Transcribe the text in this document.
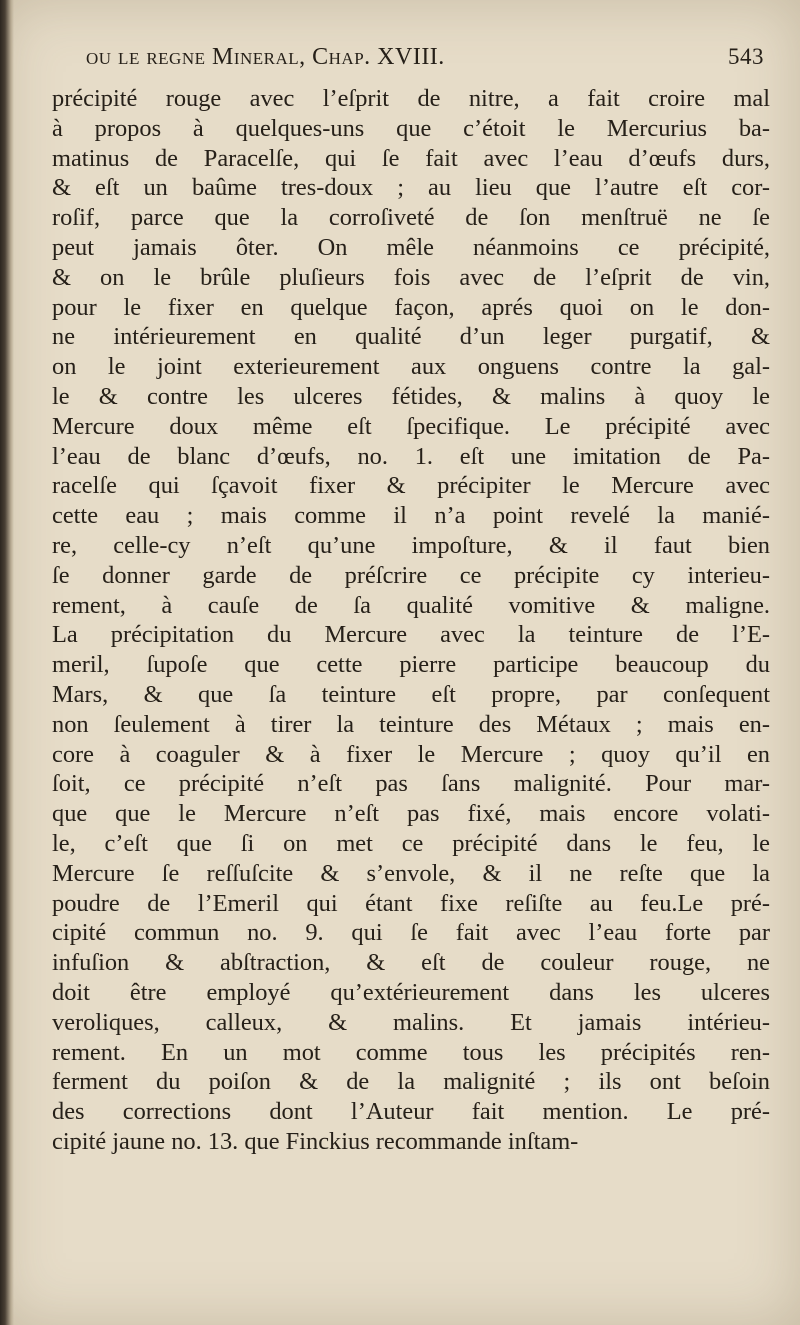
ou le regne Mineral, Chap. XVIII.	543
précipité rouge avec l’eſprit de nitre, a fait croire mal
à propos à quelques-uns que c’étoit le Mercurius ba-
matinus de Paracelſe, qui ſe fait avec l’eau d’œufs durs,
& eſt un baûme tres-doux ; au lieu que l’autre eſt cor-
roſif, parce que la corroſiveté de ſon menſtruë ne ſe
peut jamais ôter. On mêle néanmoins ce précipité,
& on le brûle pluſieurs fois avec de l’eſprit de vin,
pour le fixer en quelque façon, aprés quoi on le don-
ne intérieurement en qualité d’un leger purgatif, &
on le joint exterieurement aux onguens contre la gal-
le & contre les ulceres fétides, & malins à quoy le
Mercure doux même eſt ſpecifique. Le précipité avec
l’eau de blanc d’œufs, no. 1. eſt une imitation de Pa-
racelſe qui ſçavoit fixer & précipiter le Mercure avec
cette eau ; mais comme il n’a point revelé la manié-
re, celle-cy n’eſt qu’une impoſture, & il faut bien
ſe donner garde de préſcrire ce précipite cy interieu-
rement, à cauſe de ſa qualité vomitive & maligne.
La précipitation du Mercure avec la teinture de l’E-
meril, ſupoſe que cette pierre participe beaucoup du
Mars, & que ſa teinture eſt propre, par conſequent
non ſeulement à tirer la teinture des Métaux ; mais en-
core à coaguler & à fixer le Mercure ; quoy qu’il en
ſoit, ce précipité n’eſt pas ſans malignité. Pour mar-
que que le Mercure n’eſt pas fixé, mais encore volati-
le, c’eſt que ſi on met ce précipité dans le feu, le
Mercure ſe reſſuſcite & s’envole, & il ne reſte que la
poudre de l’Emeril qui étant fixe reſiſte au feu.Le pré-
cipité commun no. 9. qui ſe fait avec l’eau forte par
infuſion & abſtraction, & eſt de couleur rouge, ne
doit être employé qu’extérieurement dans les ulceres
veroliques, calleux, & malins. Et jamais intérieu-
rement. En un mot comme tous les précipités ren-
ferment du poiſon & de la malignité ; ils ont beſoin
des corrections dont l’Auteur fait mention. Le pré-
cipité jaune no. 13. que Finckius recommande inſtam-
